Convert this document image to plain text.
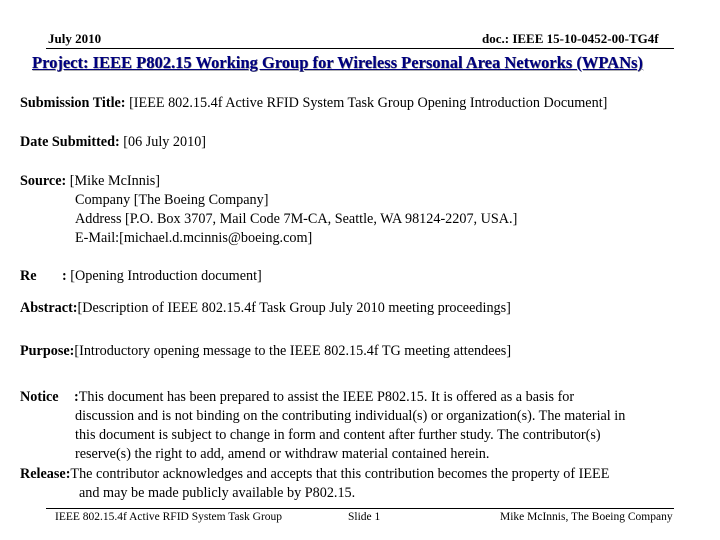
July 2010	doc.: IEEE 15-10-0452-00-TG4f
Project: IEEE P802.15 Working Group for Wireless Personal Area Networks (WPANs)
Submission Title: [IEEE 802.15.4f Active RFID System Task Group Opening Introduction Document]
Date Submitted: [06 July 2010]
Source: [Mike McInnis]
Company [The Boeing Company]
Address [P.O. Box 3707, Mail Code 7M-CA, Seattle, WA 98124-2207, USA.]
E-Mail:[michael.d.mcinnis@boeing.com]
Re : [Opening Introduction document]
Abstract:[Description of IEEE 802.15.4f Task Group July 2010 meeting proceedings]
Purpose:[Introductory opening message to the IEEE 802.15.4f TG meeting attendees]
Notice :This document has been prepared to assist the IEEE P802.15. It is offered as a basis for
discussion and is not binding on the contributing individual(s) or organization(s). The material in
this document is subject to change in form and content after further study. The contributor(s)
reserve(s) the right to add, amend or withdraw material contained herein.
Release:The contributor acknowledges and accepts that this contribution becomes the property of IEEE
and may be made publicly available by P802.15.
IEEE 802.15.4f Active RFID System Task Group	Slide 1	Mike McInnis, The Boeing Company
